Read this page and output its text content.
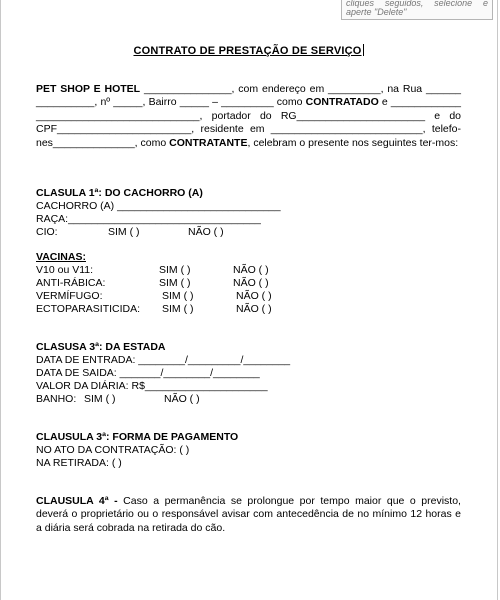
cliques seguidos, selecione e
aperte "Delete"
CONTRATO DE PRESTAÇÃO DE SERVIÇO
PET SHOP E HOTEL _______________, com endereço em _________, na Rua ______ __________, nº _____, Bairro _____ – _________ como CONTRATADO e ____________ ____________________________, portador do RG______________________ e do CPF_______________________, residente em __________________________, telefo-nes______________, como CONTRATANTE, celebram o presente nos seguintes ter-mos:
CLASULA 1ª: DO CACHORRO (A)
CACHORRO (A) ____________________________
RAÇA:_________________________________
CIO:	SIM ( )	NÃO ( )
VACINAS:
V10 ou V11:	SIM ( )	NÃO ( )
ANTI-RÁBICA:	SIM ( )	NÃO ( )
VERMÍFUGO:	SIM ( )	NÃO ( )
ECTOPARASITICIDA: SIM ( )	NÃO ( )
CLASUSA 3ª: DA ESTADA
DATA DE ENTRADA: ________/_________/________
DATA DE SAIDA: _______/________/________
VALOR DA DIÁRIA: R$_____________________
BANHO: SIM ( )	NÃO ( )
CLAUSULA 3ª: FORMA DE PAGAMENTO
NO ATO DA CONTRATAÇÃO: ( )
NA RETIRADA: ( )
CLAUSULA 4ª - Caso a permanência se prolongue por tempo maior que o previsto, deverá o proprietário ou o responsável avisar com antecedência de no mínimo 12 horas e a diária será cobrada na retirada do cão.
